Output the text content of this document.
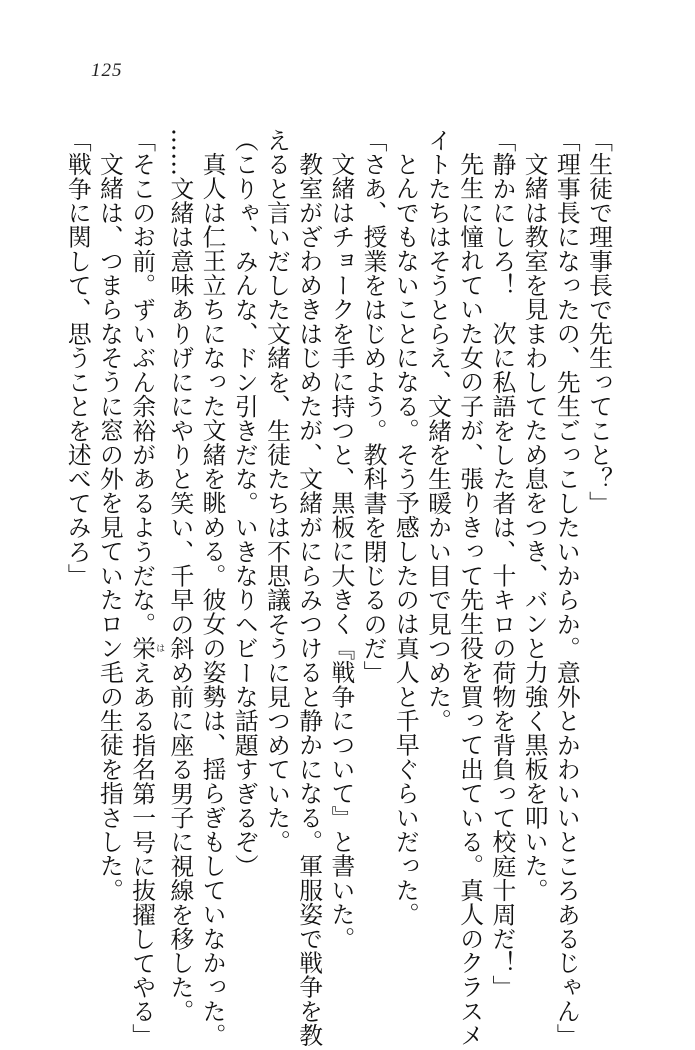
125
「生徒で理事長で先生ってこと？」
「理事長になったの、先生ごっこしたいからか。意外とかわいいところあるじゃん」
文緒は教室を見まわしてため息をつき、バンと力強く黒板を叩いた。
「静かにしろ！　次に私語をした者は、十キロの荷物を背負って校庭十周だ！」
先生に憧れていた女の子が、張りきって先生役を買って出ている。真人のクラスメ
イトたちはそうとらえ、文緒を生暖かい目で見つめた。
とんでもないことになる。そう予感したのは真人と千早ぐらいだった。
「さあ、授業をはじめよう。教科書を閉じるのだ」
文緒はチョークを手に持つと、黒板に大きく『戦争について』と書いた。
教室がざわめきはじめたが、文緒がにらみつけると静かになる。軍服姿で戦争を教
えると言いだした文緒を、生徒たちは不思議そうに見つめていた。
（こりゃ、みんな、ドン引きだな。いきなりヘビーな話題すぎるぞ）
真人は仁王立ちになった文緒を眺める。彼女の姿勢は、揺らぎもしていなかった。
……文緒は意味ありげににやりと笑い、千早の斜め前に座る男子に視線を移した。
「そこのお前。ずいぶん余裕があるようだな。栄はえある指名第一号に抜擢してやる」
文緒は、つまらなそうに窓の外を見ていたロン毛の生徒を指さした。
「戦争に関して、思うことを述べてみろ」
